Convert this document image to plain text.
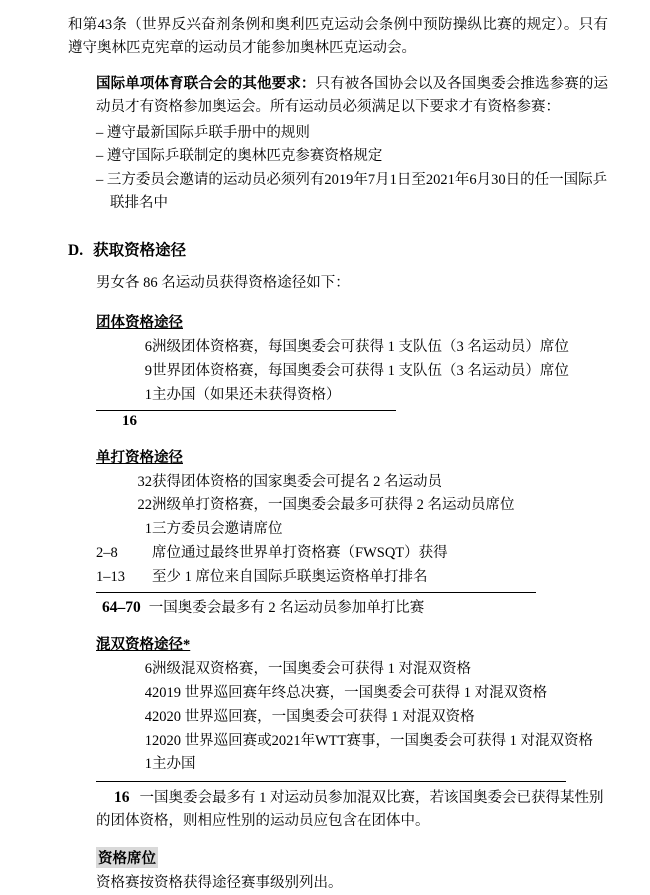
和第43条（世界反兴奋剂条例和奥利匹克运动会条例中预防操纵比赛的规定）。只有遵守奥林匹克宪章的运动员才能参加奥林匹克运动会。

国际单项体育联合会的其他要求：只有被各国协会以及各国奥委会推选参赛的运动员才有资格参加奥运会。所有运动员必须满足以下要求才有资格参赛：

– 遵守最新国际乒联手册中的规则
– 遵守国际乒联制定的奥林匹克参赛资格规定
– 三方委员会邀请的运动员必须列有2019年7月1日至2021年6月30日的任一国际乒联排名中
D. 获取资格途径

男女各 86 名运动员获得资格途径如下：

团体资格途径
6	洲级团体资格赛，每国奥委会可获得 1 支队伍（3 名运动员）席位
9	世界团体资格赛，每国奥委会可获得 1 支队伍（3 名运动员）席位
1	主办国（如果还未获得资格）
16
单打资格途径
32	获得团体资格的国家奥委会可提名 2 名运动员
22	洲级单打资格赛，一国奥委会最多可获得 2 名运动员席位
1	三方委员会邀请席位
2–8	席位通过最终世界单打资格赛（FWSQT）获得
1–13	至少 1 席位来自国际乒联奥运资格单打排名
64–70 一国奥委会最多有 2 名运动员参加单打比赛
混双资格途径*
6	洲级混双资格赛，一国奥委会可获得 1 对混双资格
4	2019 世界巡回赛年终总决赛，一国奥委会可获得 1 对混双资格
4	2020 世界巡回赛，一国奥委会可获得 1 对混双资格
1	2020 世界巡回赛或2021年WTT赛事，一国奥委会可获得 1 对混双资格
1	主办国
16 一国奥委会最多有 1 对运动员参加混双比赛，若该国奥委会已获得某性别的团体资格，则相应性别的运动员应包含在团体中。
资格席位
资格赛按资格获得途径赛事级别列出。
